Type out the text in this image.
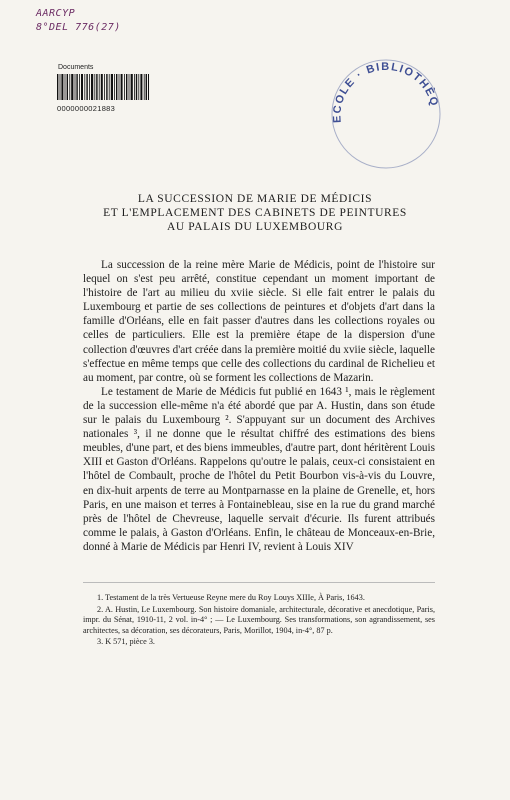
AARCYP
8°DEL 776(27)
Documents
0000000021883
ECOLE · BIBLIOTHÈQUE
LA SUCCESSION DE MARIE DE MÉDICIS
ET L'EMPLACEMENT DES CABINETS DE PEINTURES
AU PALAIS DU LUXEMBOURG

La succession de la reine mère Marie de Médicis, point de l'histoire sur lequel on s'est peu arrêté, constitue cependant un moment important de l'histoire de l'art au milieu du xviie siècle. Si elle fait entrer le palais du Luxembourg et partie de ses collections de peintures et d'objets d'art dans la famille d'Orléans, elle en fait passer d'autres dans les collections royales ou celles de particuliers. Elle est la première étape de la dispersion d'une collection d'œuvres d'art créée dans la première moitié du xviie siècle, laquelle s'effectue en même temps que celle des collections du cardinal de Richelieu et au moment, par contre, où se forment les collections de Mazarin.

Le testament de Marie de Médicis fut publié en 1643 ¹, mais le règlement de la succession elle-même n'a été abordé que par A. Hustin, dans son étude sur le palais du Luxembourg ². S'appuyant sur un document des Archives nationales ³, il ne donne que le résultat chiffré des estimations des biens meubles, d'une part, et des biens immeubles, d'autre part, dont héritèrent Louis XIII et Gaston d'Orléans. Rappelons qu'outre le palais, ceux-ci consistaient en l'hôtel de Combault, proche de l'hôtel du Petit Bourbon vis-à-vis du Louvre, en dix-huit arpents de terre au Montparnasse en la plaine de Grenelle, et, hors Paris, en une maison et terres à Fontainebleau, sise en la rue du grand marché près de l'hôtel de Chevreuse, laquelle servait d'écurie. Ils furent attribués comme le palais, à Gaston d'Orléans. Enfin, le château de Monceaux-en-Brie, donné à Marie de Médicis par Henri IV, revient à Louis XIV

1. Testament de la très Vertueuse Reyne mere du Roy Louys XIIIe, À Paris, 1643.

2. A. Hustin, Le Luxembourg. Son histoire domaniale, architecturale, décorative et anecdotique, Paris, impr. du Sénat, 1910-11, 2 vol. in-4° ; — Le Luxembourg. Ses transformations, son agrandissement, ses architectes, sa décoration, ses décorateurs, Paris, Morillot, 1904, in-4°, 87 p.

3. K 571, pièce 3.
